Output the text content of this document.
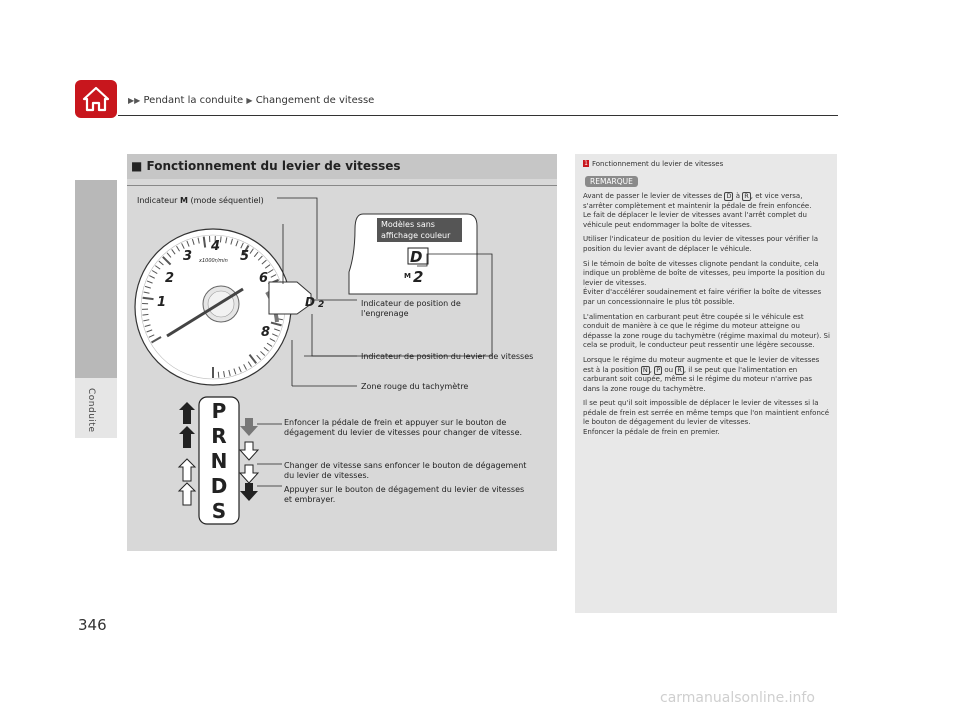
▶▶ Pendant la conduite ▶ Changement de vitesse
Conduite
346
■ Fonctionnement du levier de vitesses
1
2
3
4
5
6
8
x1000r/min
D 2
Modèles sans
affichage couleur
D
M 2
P
R
N
D
S
Indicateur M (mode séquentiel)
Indicateur de position de
l'engrenage
Indicateur de position du levier de vitesses
Zone rouge du tachymètre
Enfoncer la pédale de frein et appuyer sur le bouton de
dégagement du levier de vitesses pour changer de vitesse.
Changer de vitesse sans enfoncer le bouton de dégagement
du levier de vitesses.
Appuyer sur le bouton de dégagement du levier de vitesses
et embrayer.
1 Fonctionnement du levier de vitesses
REMARQUE

Avant de passer le levier de vitesses de D à R , et vice versa, s'arrêter complètement et maintenir la pédale de frein enfoncée.
Le fait de déplacer le levier de vitesses avant l'arrêt complet du véhicule peut endommager la boîte de vitesses.

Utiliser l'indicateur de position du levier de vitesses pour vérifier la position du levier avant de déplacer le véhicule.

Si le témoin de boîte de vitesses clignote pendant la conduite, cela indique un problème de boîte de vitesses, peu importe la position du levier de vitesses.
Éviter d'accélérer soudainement et faire vérifier la boîte de vitesses par un concessionnaire le plus tôt possible.

L'alimentation en carburant peut être coupée si le véhicule est conduit de manière à ce que le régime du moteur atteigne ou dépasse la zone rouge du tachymètre (régime maximal du moteur). Si cela se produit, le conducteur peut ressentir une légère secousse.

Lorsque le régime du moteur augmente et que le levier de vitesses est à la position N , P ou R , il se peut que l'alimentation en carburant soit coupée, même si le régime du moteur n'arrive pas dans la zone rouge du tachymètre.

Il se peut qu'il soit impossible de déplacer le levier de vitesses si la pédale de frein est serrée en même temps que l'on maintient enfoncé le bouton de dégagement du levier de vitesses.
Enfoncer la pédale de frein en premier.

carmanualsonline.info
